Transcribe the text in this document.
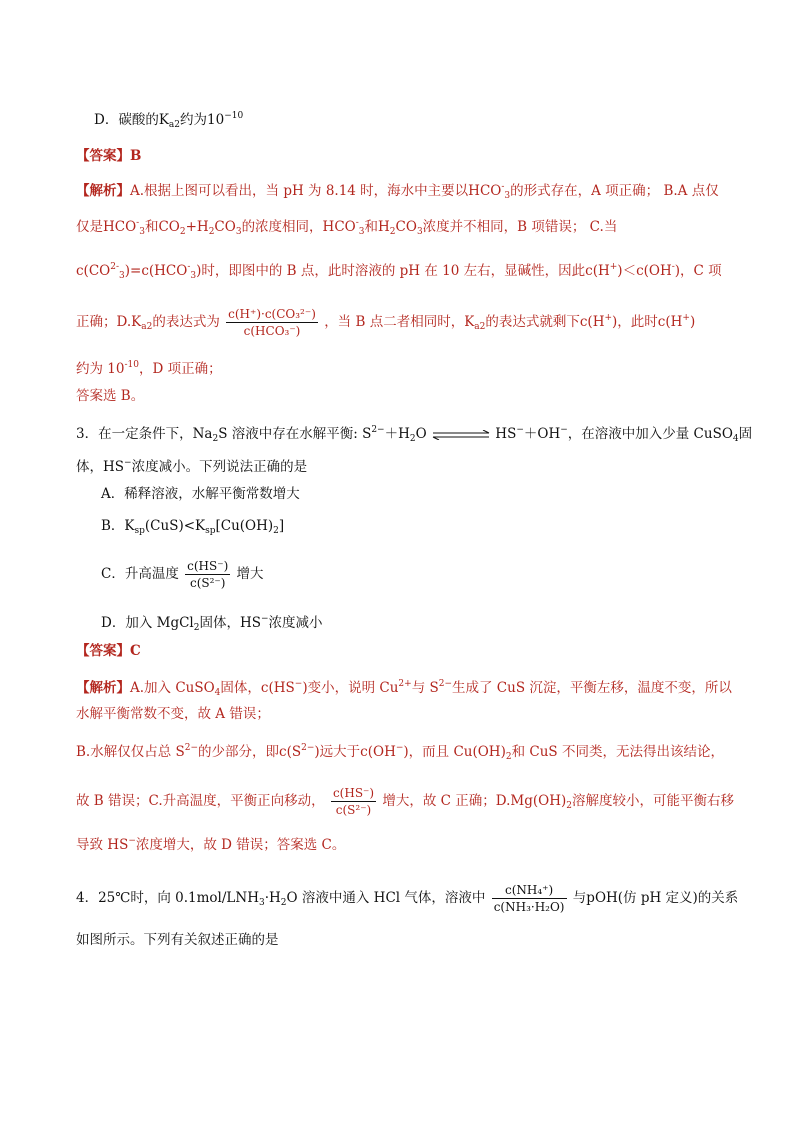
D．碳酸的$K_{a2}$约为$10^{-10}$
【答案】B
【解析】A.根据上图可以看出，当 pH 为 8.14 时，海水中主要以$HCO^-_3$的形式存在，A 项正确； B.A 点仅
仅是$HCO^-_3$和$CO_2+H_2CO_3$的浓度相同，$HCO^-_3$和$H_2CO_3$浓度并不相同，B 项错误； C.当
$c(CO^{2-}_3)=c(HCO^-_3)$时，即图中的 B 点，此时溶液的 pH 在 10 左右，显碱性，因此c(H+)＜c(OH-)，C 项
正确；$D.K_{a2}$的表达式为 $\frac{\text{c(H⁺)·c(CO₃²⁻)}}{\text{c(HCO₃⁻)}}$ ，当 B 点二者相同时，$K_{a2}$的表达式就剩下c(H+)，此时c(H+)
约为 $10^{-10}$，D 项正确；
答案选 B。
3．在一定条件下，$Na_2S$ 溶液中存在水解平衡: $S^{2-}+H_2O$	HS−＋OH−，在溶液中加入少量 CuSO$_4$固
体，HS−浓度减小。下列说法正确的是
A．稀释溶液，水解平衡常数增大
B．$K_{sp}(CuS)<K_{sp}[Cu(OH)_2]$
C．升高温度 $\frac{c(HS^-)}{\text{c(S²⁻)}}$ 增大
D．加入 MgCl$_2$固体，HS−浓度减小
【答案】C
【解析】A.加入 CuSO$_4$固体，c(HS−)变小，说明 $Cu^{2+}$与 $S^{2-}$生成了 CuS 沉淀，平衡左移，温度不变，所以
水解平衡常数不变，故 A 错误；
B.水解仅仅占总 $S^{2-}$的少部分，即$c(S^{2-})$远大于c(OH−)，而且 $Cu(OH)_2$和 CuS 不同类，无法得出该结论，
故 B 错误；C.升高温度，平衡正向移动， $\frac{c(HS^-)}{\text{c(S²⁻)}}$ 增大，故 C 正确；$D.Mg(OH)_2$溶解度较小，可能平衡右移
导致 HS−浓度增大，故 D 错误；答案选 C。
4．25℃时，向 $0.1mol/LNH_3\cdot H_2O$ 溶液中通入 HCl 气体，溶液中 $\frac{\text{c(NH₄⁺)}}{\text{c(NH₃·H₂O)}}$ 与pOH(仿 pH 定义)的关系
如图所示。下列有关叙述正确的是
